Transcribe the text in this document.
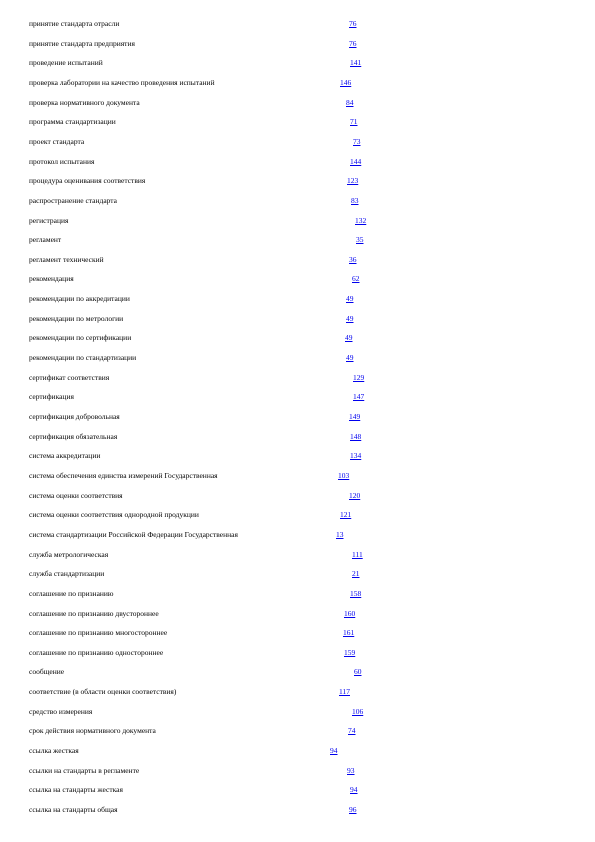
принятие стандарта отрасли	76
принятие стандарта предприятия	76
проведение испытаний	141
проверка лаборатории на качество проведения испытаний	146
проверка нормативного документа	84
программа стандартизации	71
проект стандарта	73
протокол испытания	144
процедура оценивания соответствия	123
распространение стандарта	83
регистрация	132
регламент	35
регламент технический	36
рекомендация	62
рекомендации по аккредитации	49
рекомендации по метрологии	49
рекомендации по сертификации	49
рекомендации по стандартизации	49
сертификат соответствия	129
сертификация	147
сертификация добровольная	149
сертификация обязательная	148
система аккредитации	134
система обеспечения единства измерений Государственная	103
система оценки соответствия	120
система оценки соответствия однородной продукции	121
система стандартизации Российской Федерации Государственная	13
служба метрологическая	111
служба стандартизации	21
соглашение по признанию	158
соглашение по признанию двустороннее	160
соглашение по признанию многостороннее	161
соглашение по признанию одностороннее	159
сообщение	60
соответствие (в области оценки соответствия)	117
средство измерения	106
срок действия нормативного документа	74
ссылка жесткая	94
ссылки на стандарты в регламенте	93
ссылка на стандарты жесткая	94
ссылка на стандарты общая	96
